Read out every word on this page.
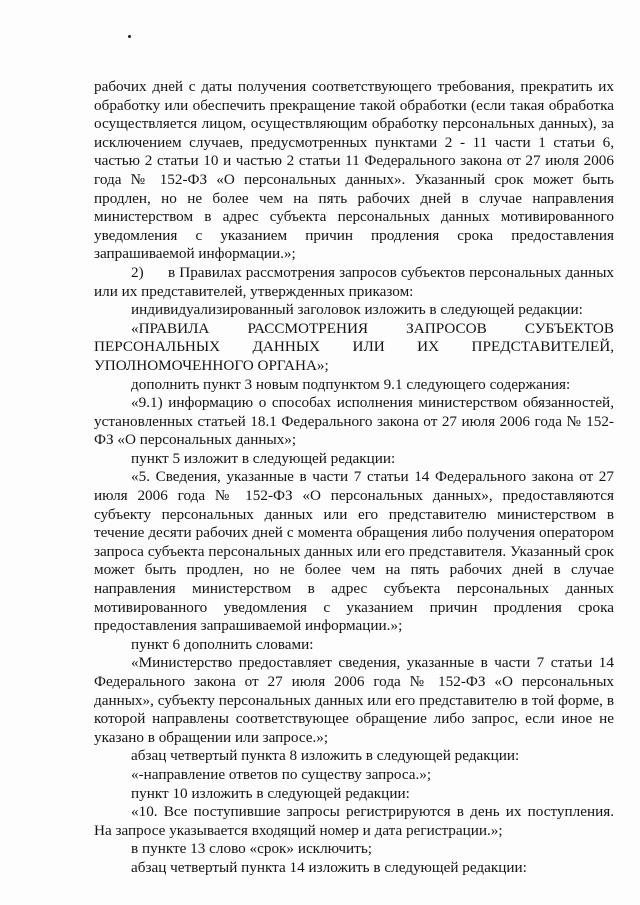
рабочих дней с даты получения соответствующего требования, прекратить их обработку или обеспечить прекращение такой обработки (если такая обработка осуществляется лицом, осуществляющим обработку персональных данных), за исключением случаев, предусмотренных пунктами 2 - 11 части 1 статьи 6, частью 2 статьи 10 и частью 2 статьи 11 Федерального закона от 27 июля 2006 года № 152-ФЗ «О персональных данных». Указанный срок может быть продлен, но не более чем на пять рабочих дней в случае направления министерством в адрес субъекта персональных данных мотивированного уведомления с указанием причин продления срока предоставления запрашиваемой информации.»;

2)      в Правилах рассмотрения запросов субъектов персональных данных или их представителей, утвержденных приказом:

индивидуализированный заголовок изложить в следующей редакции:

«ПРАВИЛА РАССМОТРЕНИЯ ЗАПРОСОВ СУБЪЕКТОВ
ПЕРСОНАЛЬНЫХ ДАННЫХ ИЛИ ИХ ПРЕДСТАВИТЕЛЕЙ,
УПОЛНОМОЧЕННОГО ОРГАНА»;

дополнить пункт 3 новым подпунктом 9.1 следующего содержания:

«9.1) информацию о способах исполнения министерством обязанностей, установленных статьей 18.1 Федерального закона от 27 июля 2006 года № 152-ФЗ «О персональных данных»;

пункт 5 изложит в следующей редакции:

«5. Сведения, указанные в части 7 статьи 14 Федерального закона от 27 июля 2006 года № 152-ФЗ «О персональных данных», предоставляются субъекту персональных данных или его представителю министерством в течение десяти рабочих дней с момента обращения либо получения оператором запроса субъекта персональных данных или его представителя. Указанный срок может быть продлен, но не более чем на пять рабочих дней в случае направления министерством в адрес субъекта персональных данных мотивированного уведомления с указанием причин продления срока предоставления запрашиваемой информации.»;

пункт 6 дополнить словами:

«Министерство предоставляет сведения, указанные в части 7 статьи 14 Федерального закона от 27 июля 2006 года № 152-ФЗ «О персональных данных», субъекту персональных данных или его представителю в той форме, в которой направлены соответствующее обращение либо запрос, если иное не указано в обращении или запросе.»;

абзац четвертый пункта 8 изложить в следующей редакции:

«-направление ответов по существу запроса.»;

пункт 10 изложить в следующей редакции:

«10. Все поступившие запросы регистрируются в день их поступления. На запросе указывается входящий номер и дата регистрации.»;

в пункте 13 слово «срок» исключить;

абзац четвертый пункта 14 изложить в следующей редакции:
